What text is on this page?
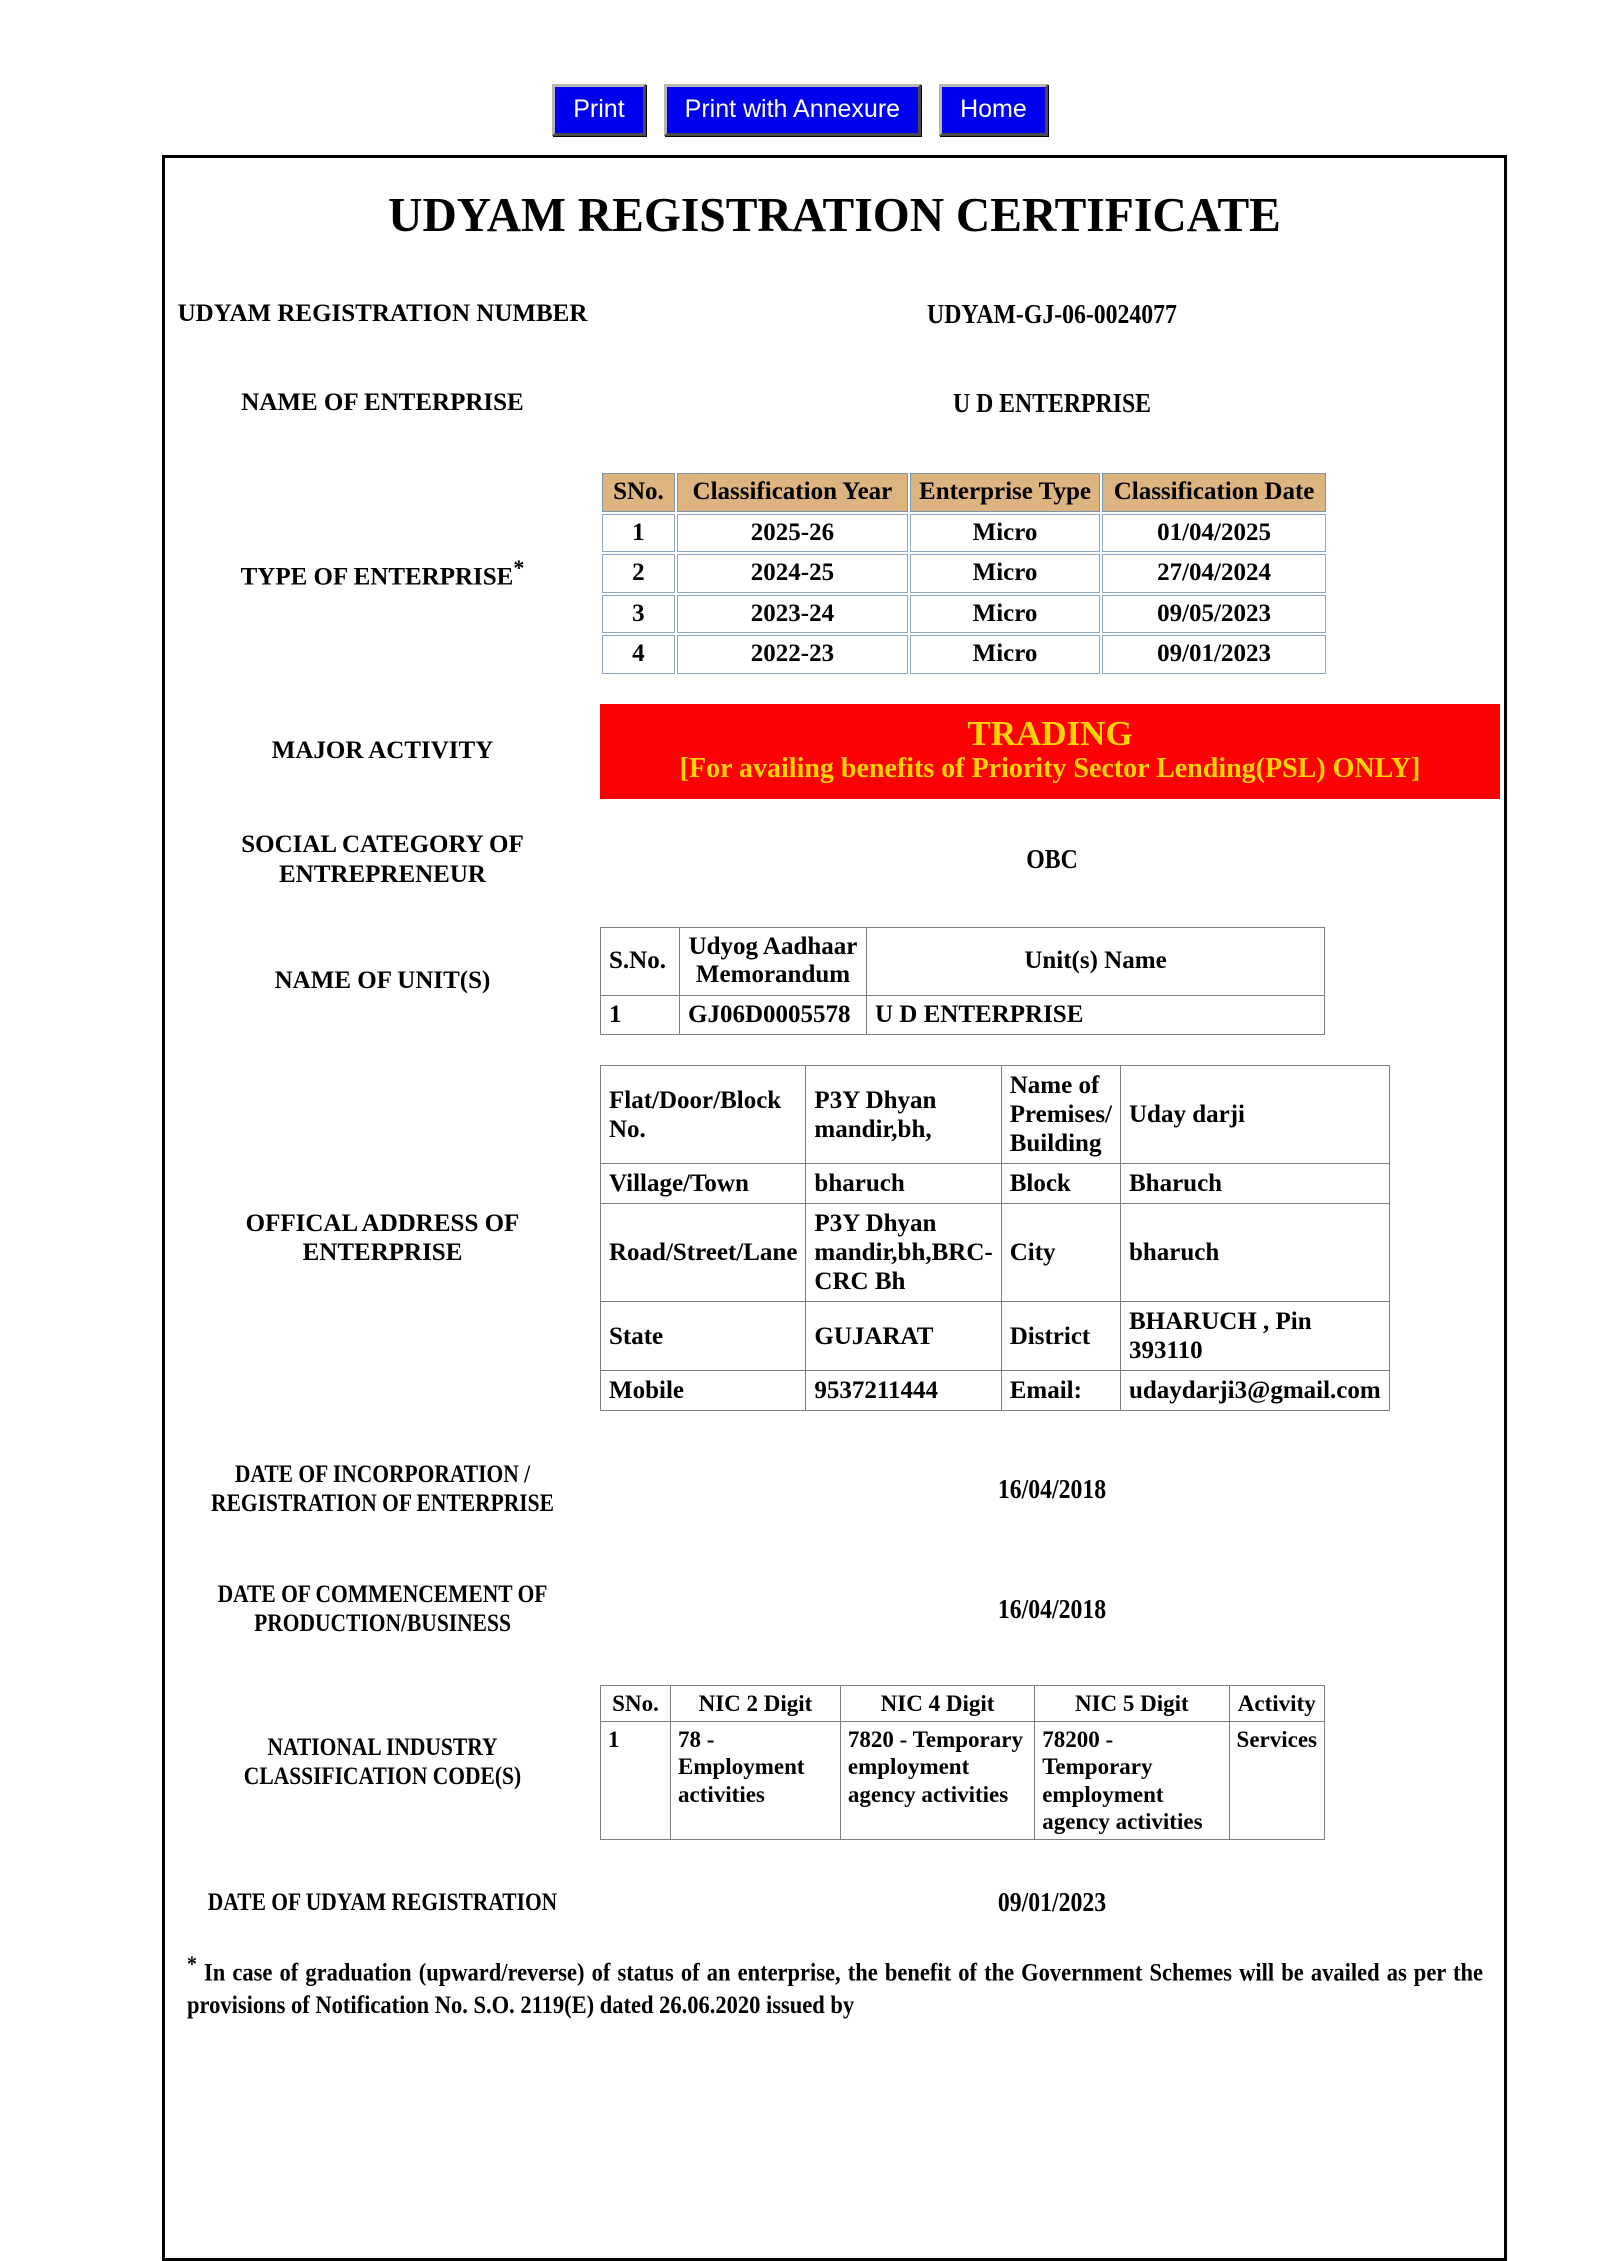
Print	Print with Annexure	Home
UDYAM REGISTRATION CERTIFICATE
UDYAM REGISTRATION NUMBER	UDYAM-GJ-06-0024077
NAME OF ENTERPRISE	U D ENTERPRISE
TYPE OF ENTERPRISE*
SNo.	Classification Year	Enterprise Type	Classification Date
1	2025-26	Micro	01/04/2025
2	2024-25	Micro	27/04/2024
3	2023-24	Micro	09/05/2023
4	2022-23	Micro	09/01/2023
MAJOR ACTIVITY	TRADING
[For availing benefits of Priority Sector Lending(PSL) ONLY]
SOCIAL CATEGORY OF ENTREPRENEUR	OBC
NAME OF UNIT(S)
S.No.	Udyog Aadhaar Memorandum	Unit(s) Name
1	GJ06D0005578	U D ENTERPRISE
OFFICAL ADDRESS OF ENTERPRISE
Flat/Door/Block No.	P3Y Dhyan mandir,bh,	Name of Premises/ Building	Uday darji
Village/Town	bharuch	Block	Bharuch
Road/Street/Lane	P3Y Dhyan mandir,bh,BRC-CRC Bh	City	bharuch
State	GUJARAT	District	BHARUCH , Pin 393110
Mobile	9537211444	Email:	udaydarji3@gmail.com
DATE OF INCORPORATION / REGISTRATION OF ENTERPRISE	16/04/2018
DATE OF COMMENCEMENT OF PRODUCTION/BUSINESS	16/04/2018
NATIONAL INDUSTRY CLASSIFICATION CODE(S)
SNo.	NIC 2 Digit	NIC 4 Digit	NIC 5 Digit	Activity
1	78 - Employment activities	7820 - Temporary employment agency activities	78200 - Temporary employment agency activities	Services
DATE OF UDYAM REGISTRATION	09/01/2023
* In case of graduation (upward/reverse) of status of an enterprise, the benefit of the Government Schemes will be availed as per the provisions of Notification No. S.O. 2119(E) dated 26.06.2020 issued by
